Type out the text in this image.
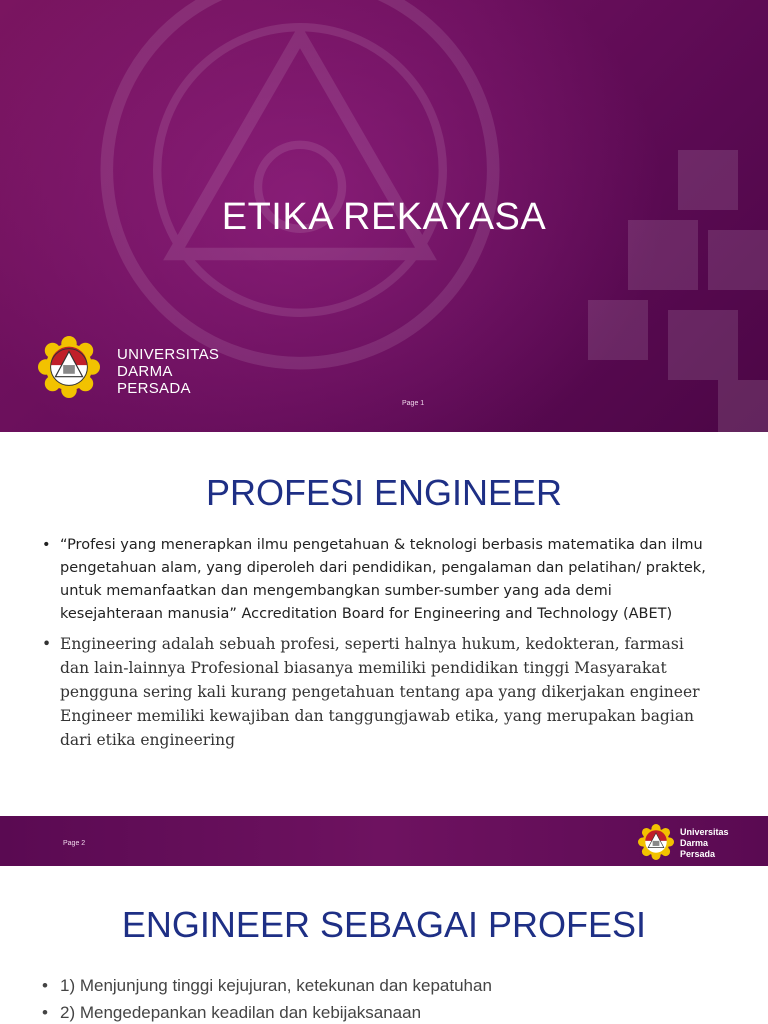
ETIKA REKAYASA
UNIVERSITAS
DARMA
PERSADA
Page 1
PROFESI ENGINEER
• “Profesi yang menerapkan ilmu pengetahuan & teknologi berbasis matematika dan ilmu pengetahuan alam, yang diperoleh dari pendidikan, pengalaman dan pelatihan/ praktek, untuk memanfaatkan dan mengembangkan sumber-sumber yang ada demi kesejahteraan manusia” Accreditation Board for Engineering and Technology (ABET)
• Engineering adalah sebuah profesi, seperti halnya hukum, kedokteran, farmasi dan lain-lainnya Profesional biasanya memiliki pendidikan tinggi Masyarakat pengguna sering kali kurang pengetahuan tentang apa yang dikerjakan engineer Engineer memiliki kewajiban dan tanggungjawab etika, yang merupakan bagian dari etika engineering
Page 2
Universitas
Darma
Persada
ENGINEER SEBAGAI PROFESI
• 1) Menjunjung tinggi kejujuran, ketekunan dan kepatuhan
• 2) Mengedepankan keadilan dan kebijaksanaan
